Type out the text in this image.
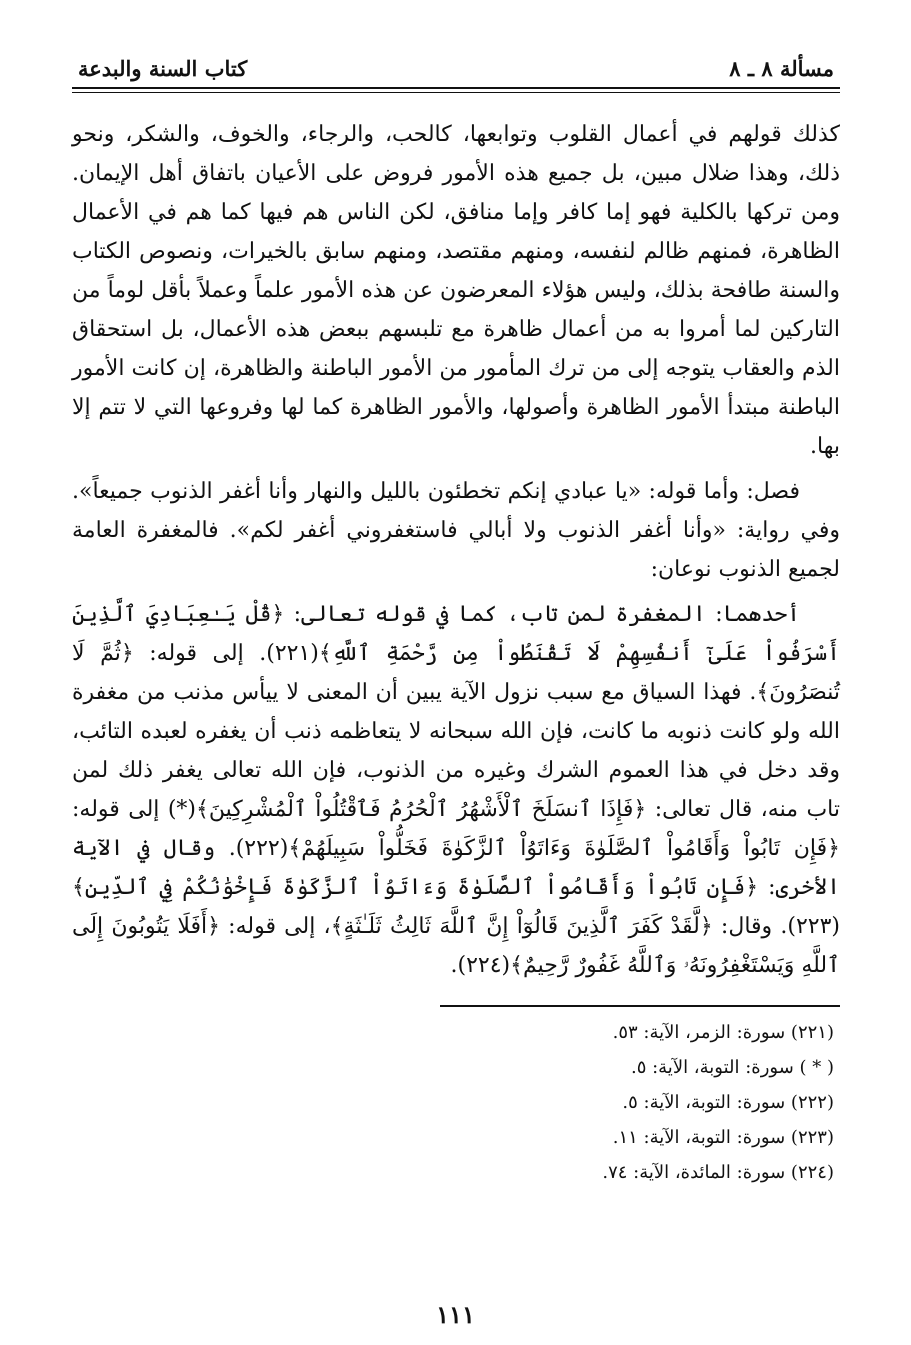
مسألة ٨ ـ ٨
كتاب السنة والبدعة

كذلك قولهم في أعمال القلوب وتوابعها، كالحب، والرجاء، والخوف، والشكر، ونحو ذلك، وهذا ضلال مبين، بل جميع هذه الأمور فروض على الأعيان باتفاق أهل الإيمان. ومن تركها بالكلية فهو إما كافر وإما منافق، لكن الناس هم فيها كما هم في الأعمال الظاهرة، فمنهم ظالم لنفسه، ومنهم مقتصد، ومنهم سابق بالخيرات، ونصوص الكتاب والسنة طافحة بذلك، وليس هؤلاء المعرضون عن هذه الأمور علماً وعملاً بأقل لوماً من التاركين لما أمروا به من أعمال ظاهرة مع تلبسهم ببعض هذه الأعمال، بل استحقاق الذم والعقاب يتوجه إلى من ترك المأمور من الأمور الباطنة والظاهرة، إن كانت الأمور الباطنة مبتدأ الأمور الظاهرة وأصولها، والأمور الظاهرة كما لها وفروعها التي لا تتم إلا بها.

فصل: وأما قوله: «يا عبادي إنكم تخطئون بالليل والنهار وأنا أغفر الذنوب جميعاً». وفي رواية: «وأنا أغفر الذنوب ولا أبالي فاستغفروني أغفر لكم». فالمغفرة العامة لجميع الذنوب نوعان:

أحدهما: المغفرة لمن تاب، كما في قوله تعالى: ﴿قُلْ يَـٰعِبَادِيَ ٱلَّذِينَ أَسْرَفُواْ عَلَىٰٓ أَنفُسِهِمْ لَا تَقْنَطُواْ مِن رَّحْمَةِ ٱللَّهِ﴾(٢٢١). إلى قوله: ﴿ثُمَّ لَا تُنصَرُونَ﴾. فهذا السياق مع سبب نزول الآية يبين أن المعنى لا ييأس مذنب من مغفرة الله ولو كانت ذنوبه ما كانت، فإن الله سبحانه لا يتعاظمه ذنب أن يغفره لعبده التائب، وقد دخل في هذا العموم الشرك وغيره من الذنوب، فإن الله تعالى يغفر ذلك لمن تاب منه، قال تعالى: ﴿فَإِذَا ٱنسَلَخَ ٱلْأَشْهُرُ ٱلْحُرُمُ فَٱقْتُلُواْ ٱلْمُشْرِكِينَ﴾(*) إلى قوله: ﴿فَإِن تَابُواْ وَأَقَامُواْ ٱلصَّلَوٰةَ وَءَاتَوُاْ ٱلزَّكَوٰةَ فَخَلُّواْ سَبِيلَهُمْ﴾(٢٢٢). وقال في الآية الأخرى: ﴿فَإِن تَابُواْ وَأَقَامُواْ ٱلصَّلَوٰةَ وَءَاتَوُاْ ٱلزَّكَوٰةَ فَإِخْوَٰنُكُمْ فِي ٱلدِّينِ﴾(٢٢٣). وقال: ﴿لَّقَدْ كَفَرَ ٱلَّذِينَ قَالُوٓاْ إِنَّ ٱللَّهَ ثَالِثُ ثَلَـٰثَةٍ﴾، إلى قوله: ﴿أَفَلَا يَتُوبُونَ إِلَى ٱللَّهِ وَيَسْتَغْفِرُونَهُۥ وَٱللَّهُ غَفُورٌ رَّحِيمٌ﴾(٢٢٤).

(٢٢١) سورة: الزمر، الآية: ٥٣.
( * ) سورة: التوبة، الآية: ٥.
(٢٢٢) سورة: التوبة، الآية: ٥.
(٢٢٣) سورة: التوبة، الآية: ١١.
(٢٢٤) سورة: المائدة، الآية: ٧٤.
١١١
